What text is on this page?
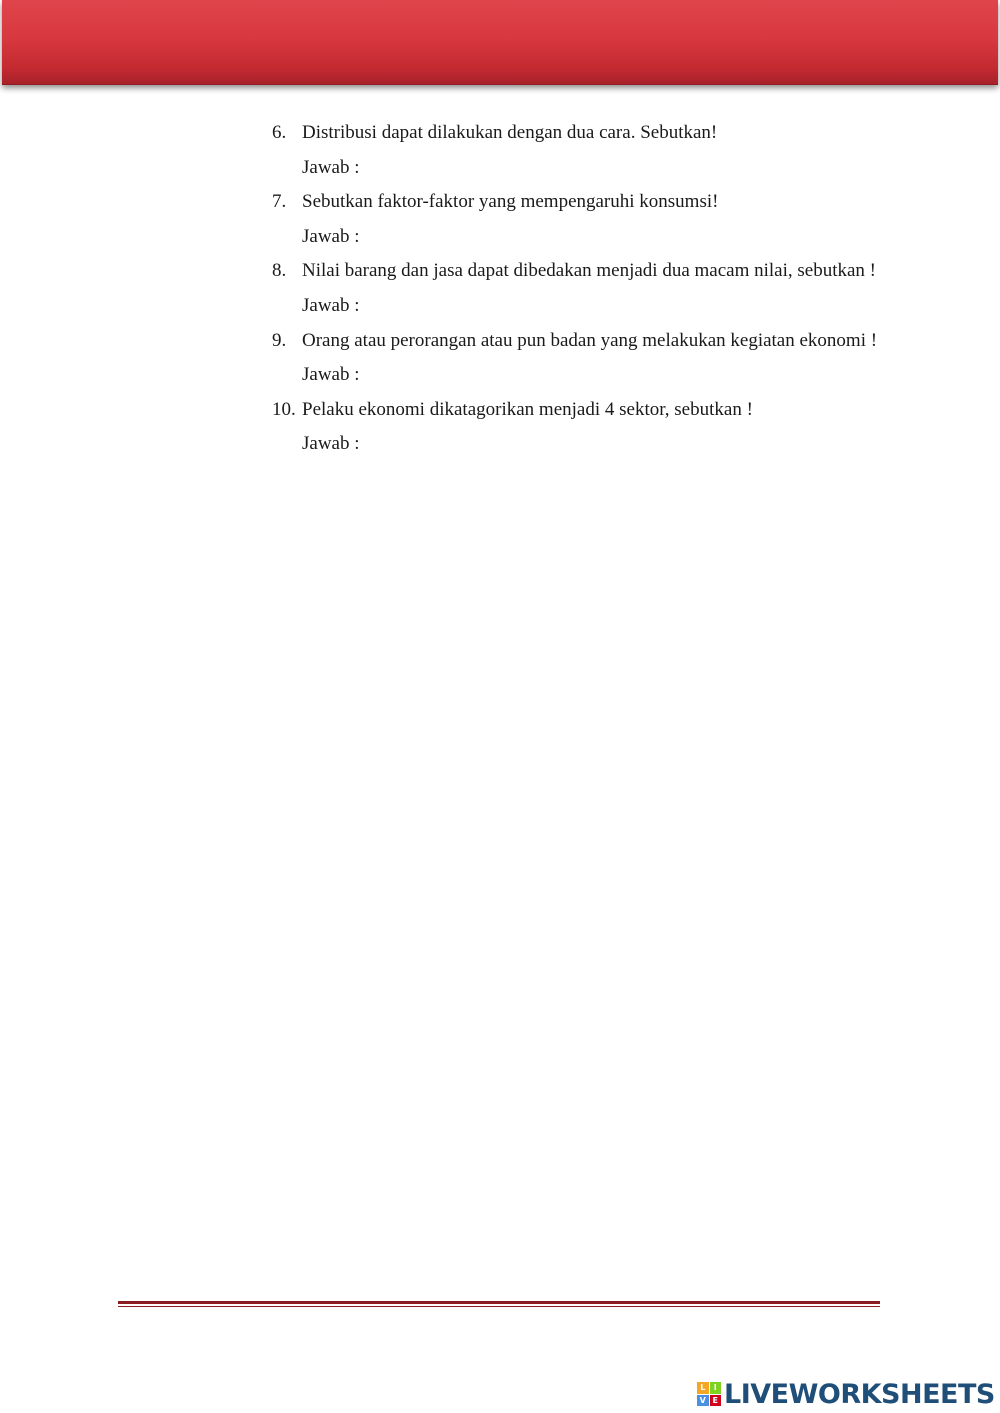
6. Distribusi dapat dilakukan dengan dua cara. Sebutkan!
Jawab :
7. Sebutkan faktor-faktor yang mempengaruhi konsumsi!
Jawab :
8. Nilai barang dan jasa dapat dibedakan menjadi dua macam nilai, sebutkan !
Jawab :
9. Orang atau perorangan atau pun badan yang melakukan kegiatan ekonomi !
Jawab :
10. Pelaku ekonomi dikatagorikan menjadi 4 sektor, sebutkan !
Jawab :
L	I
V E LIVEWORKSHEETS
